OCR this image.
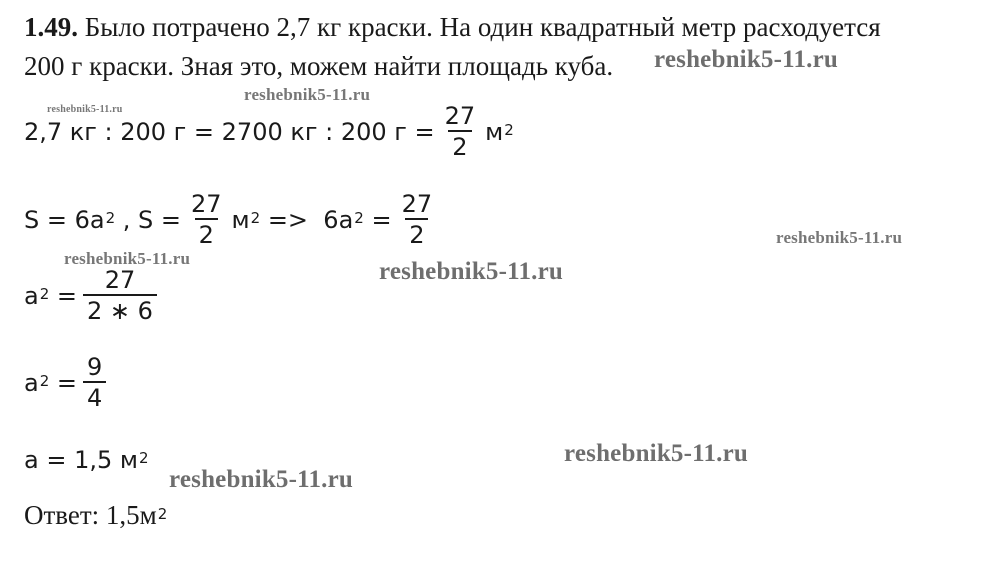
1.49. Было потрачено 2,7 кг краски. На один квадратный метр расходуется
200 г краски. Зная это, можем найти площадь куба.
2,7 кг : 200 г = 2700 кг : 200 $г = \frac{27}{2} м^2$
$S = 6a^2$ , $S = \frac{27}{2} м^2 => 6a^2 = \frac{27}{2}$
$a^2 = \frac{27}{2 ∗ 6}$
$a^2 = \frac{9}{4}$
a = 1,5 $м^2$
Ответ: $1,5м^2$
reshebnik5-11.ru
reshebnik5-11.ru
reshebnik5-11.ru
reshebnik5-11.ru
reshebnik5-11.ru	reshebnik5-11.ru
reshebnik5-11.ru
reshebnik5-11.ru
